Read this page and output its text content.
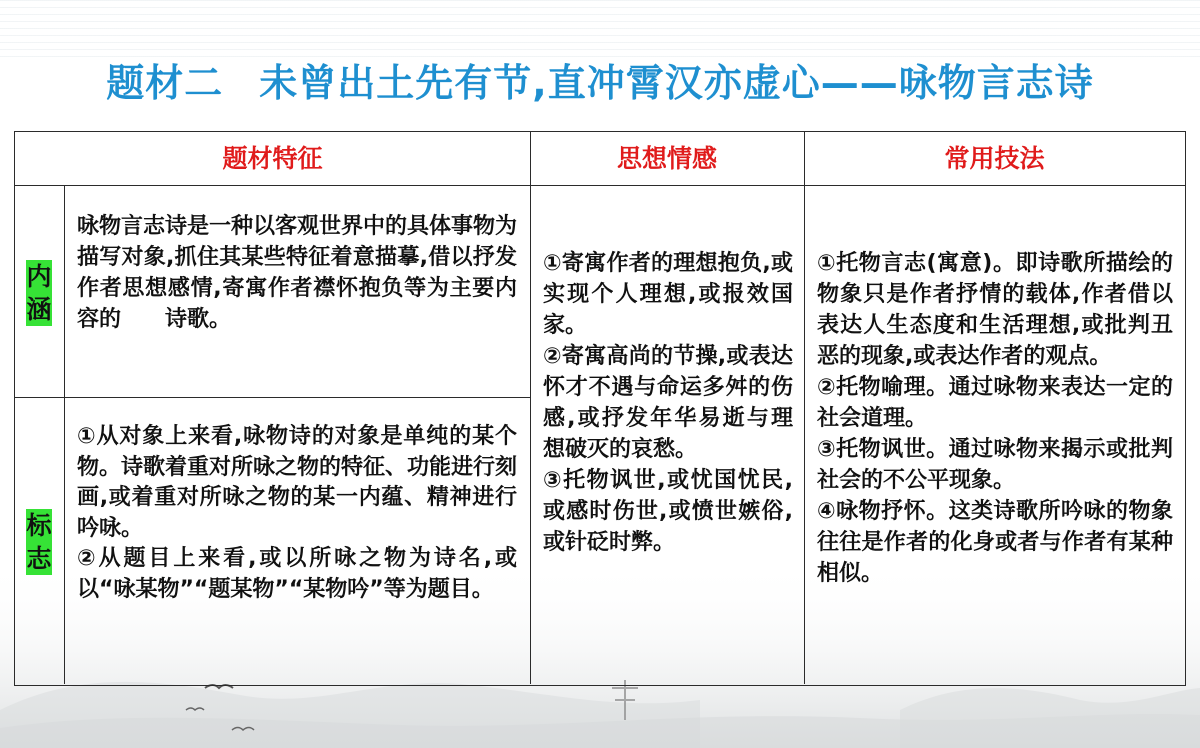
题材二 未曾出土先有节,直冲霄汉亦虚心——咏物言志诗
题材特征	思想情感	常用技法
内
涵
标
志

咏物言志诗是一种以客观世界中的具体事物为描写对象,抓住其某些特征着意描摹,借以抒发作者思想感情,寄寓作者襟怀抱负等为主要内容的　　诗歌。

①从对象上来看,咏物诗的对象是单纯的某个物。诗歌着重对所咏之物的特征、功能进行刻画,或着重对所咏之物的某一内蕴、精神进行吟咏。

②从题目上来看,或以所咏之物为诗名,或以“咏某物”“题某物”“某物吟”等为题目。

①寄寓作者的理想抱负,或实现个人理想,或报效国家。

②寄寓高尚的节操,或表达怀才不遇与命运多舛的伤感,或抒发年华易逝与理想破灭的哀愁。

③托物讽世,或忧国忧民,或感时伤世,或愤世嫉俗,或针砭时弊。

①托物言志(寓意)。即诗歌所描绘的物象只是作者抒情的载体,作者借以表达人生态度和生活理想,或批判丑恶的现象,或表达作者的观点。

②托物喻理。通过咏物来表达一定的社会道理。

③托物讽世。通过咏物来揭示或批判社会的不公平现象。

④咏物抒怀。这类诗歌所吟咏的物象往往是作者的化身或者与作者有某种相似。
